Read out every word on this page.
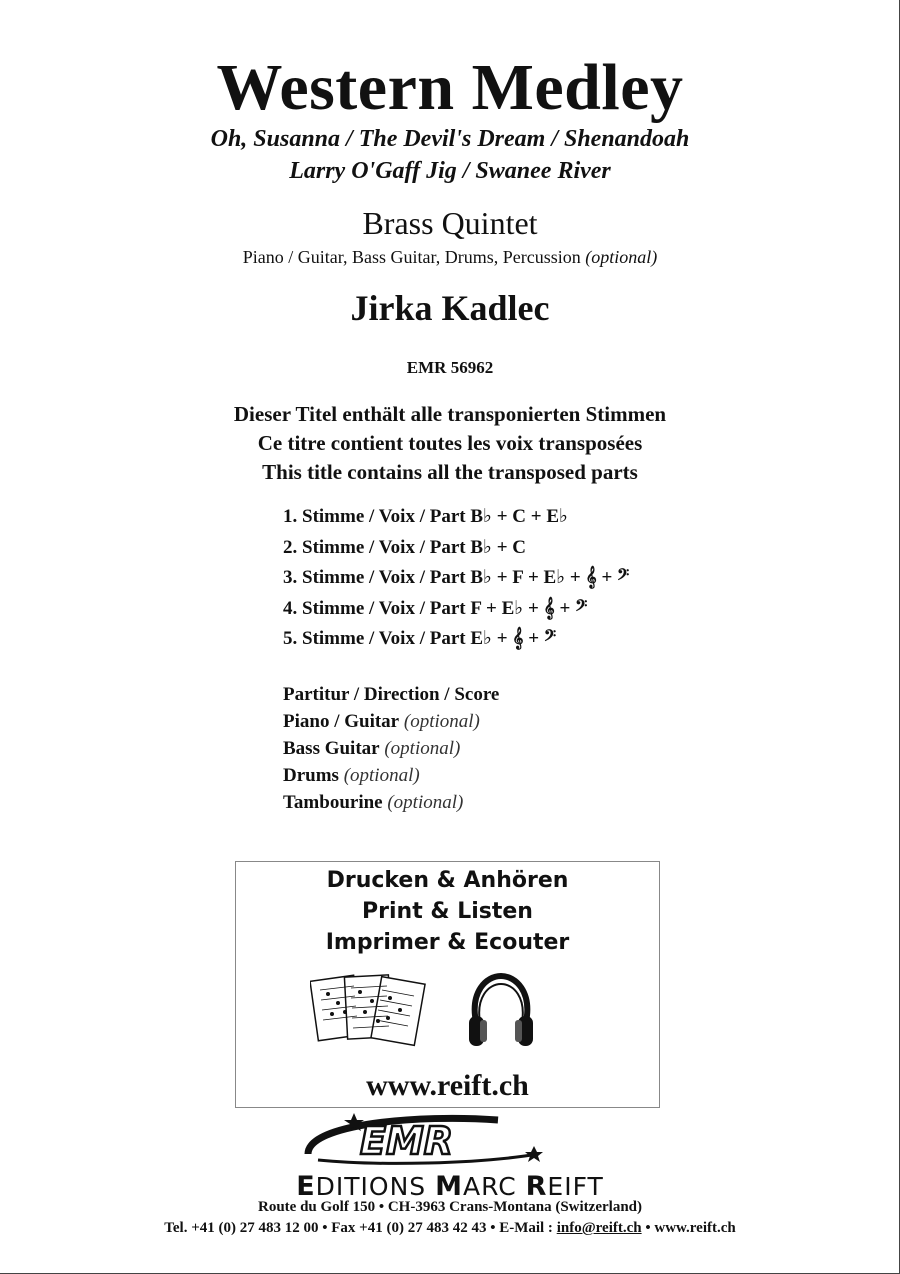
Western Medley
Oh, Susanna / The Devil's Dream / Shenandoah
Larry O'Gaff Jig / Swanee River
Brass Quintet
Piano / Guitar, Bass Guitar, Drums, Percussion (optional)
Jirka Kadlec
EMR 56962
Dieser Titel enthält alle transponierten Stimmen
Ce titre contient toutes les voix transposées
This title contains all the transposed parts
1. Stimme / Voix / Part B♭ + C + E♭
2. Stimme / Voix / Part B♭ + C
3. Stimme / Voix / Part B♭ + F + E♭ + 𝄞 + 𝄢
4. Stimme / Voix / Part F + E♭ + 𝄞 + 𝄢
5. Stimme / Voix / Part E♭ + 𝄞 + 𝄢
Partitur / Direction / Score
Piano / Guitar (optional)
Bass Guitar (optional)
Drums (optional)
Tambourine (optional)
Drucken & Anhören
Print & Listen
Imprimer & Ecouter
www.reift.ch
EMR
EDITIONS MARC REIFT
Route du Golf 150 • CH-3963 Crans-Montana (Switzerland)
Tel. +41 (0) 27 483 12 00 • Fax +41 (0) 27 483 42 43 • E-Mail : info@reift.ch • www.reift.ch
